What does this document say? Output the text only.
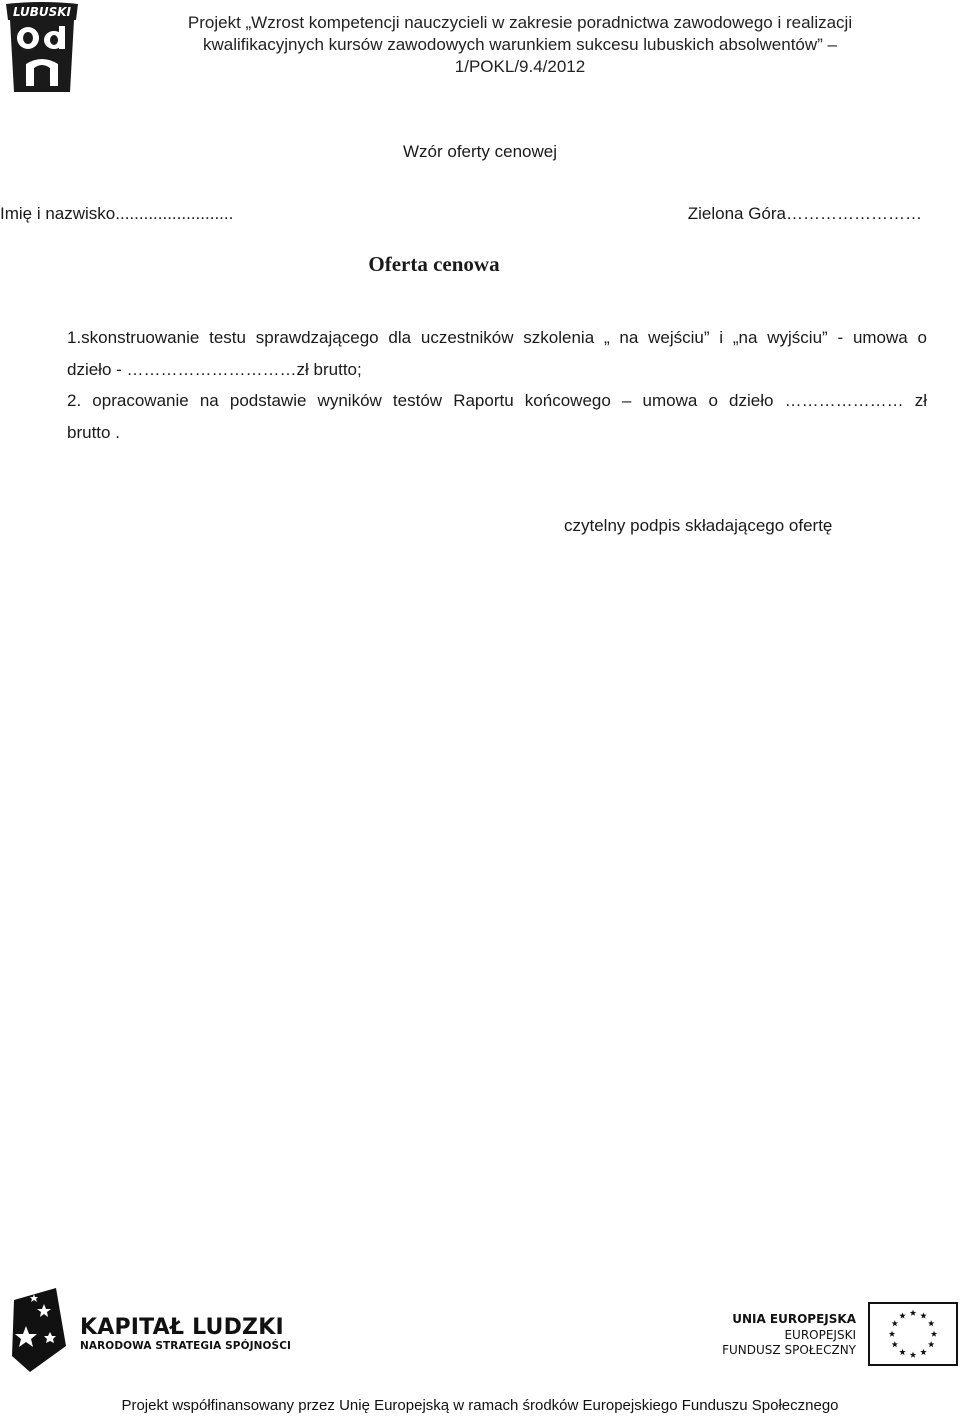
LUBUSKI
Projekt „Wzrost kompetencji nauczycieli w zakresie poradnictwa zawodowego i realizacji
kwalifikacyjnych kursów zawodowych warunkiem sukcesu lubuskich absolwentów” –
1/POKL/9.4/2012
Wzór oferty cenowej
Imię i nazwisko.........................	Zielona Góra……………………
Oferta cenowa
1.skonstruowanie testu sprawdzającego dla uczestników szkolenia „ na wejściu” i „na wyjściu” - umowa o
dzieło - …………………………zł brutto;
2. opracowanie na podstawie wyników testów Raportu końcowego – umowa o dzieło ………………… zł
brutto .
czytelny podpis składającego ofertę
KAPITAŁ LUDZKI
NARODOWA STRATEGIA SPÓJNOŚCI
UNIA EUROPEJSKA
EUROPEJSKI
FUNDUSZ SPOŁECZNY
Projekt współfinansowany przez Unię Europejską w ramach środków Europejskiego Funduszu Społecznego
